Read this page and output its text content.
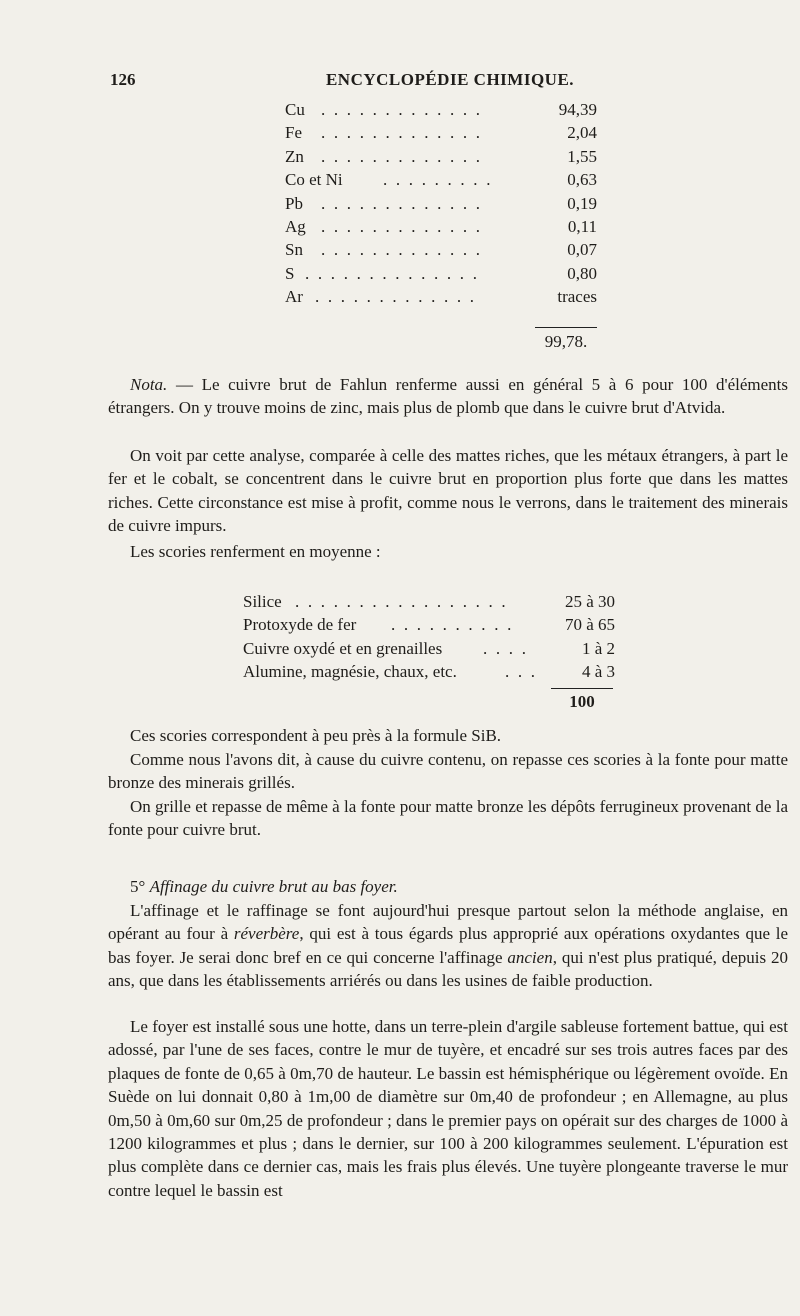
126	ENCYCLOPÉDIE CHIMIQUE.
Cu . . . . . . . . . . . . .	94,39
Fe . . . . . . . . . . . . .	2,04
Zn . . . . . . . . . . . . .	1,55
Co et Ni . . . . . . . . .	0,63
Pb . . . . . . . . . . . . .	0,19
Ag . . . . . . . . . . . . .	0,11
Sn . . . . . . . . . . . . .	0,07
S . . . . . . . . . . . . . .	0,80
Ar . . . . . . . . . . . . .	traces
99,78.

Nota. — Le cuivre brut de Fahlun renferme aussi en général 5 à 6 pour 100 d'éléments étrangers. On y trouve moins de zinc, mais plus de plomb que dans le cuivre brut d'Atvida.

On voit par cette analyse, comparée à celle des mattes riches, que les métaux étrangers, à part le fer et le cobalt, se concentrent dans le cuivre brut en proportion plus forte que dans les mattes riches. Cette circonstance est mise à profit, comme nous le verrons, dans le traitement des minerais de cuivre impurs.

Les scories renferment en moyenne :

Silice . . . . . . . . . . . . . . . . .	25 à 30
Protoxyde de fer . . . . . . . . . .	70 à 65
Cuivre oxydé et en grenailles . . . .	1 à 2
Alumine, magnésie, chaux, etc.	. . .	4 à 3
100

Ces scories correspondent à peu près à la formule SiB.

Comme nous l'avons dit, à cause du cuivre contenu, on repasse ces scories à la fonte pour matte bronze des minerais grillés.

On grille et repasse de même à la fonte pour matte bronze les dépôts ferrugineux provenant de la fonte pour cuivre brut.

5° Affinage du cuivre brut au bas foyer.

L'affinage et le raffinage se font aujourd'hui presque partout selon la méthode anglaise, en opérant au four à réverbère, qui est à tous égards plus approprié aux opérations oxydantes que le bas foyer. Je serai donc bref en ce qui concerne l'affinage ancien, qui n'est plus pratiqué, depuis 20 ans, que dans les établissements arriérés ou dans les usines de faible production.

Le foyer est installé sous une hotte, dans un terre-plein d'argile sableuse fortement battue, qui est adossé, par l'une de ses faces, contre le mur de tuyère, et encadré sur ses trois autres faces par des plaques de fonte de 0,65 à 0m,70 de hauteur. Le bassin est hémisphérique ou légèrement ovoïde. En Suède on lui donnait 0,80 à 1m,00 de diamètre sur 0m,40 de profondeur ; en Allemagne, au plus 0m,50 à 0m,60 sur 0m,25 de profondeur ; dans le premier pays on opérait sur des charges de 1000 à 1200 kilogrammes et plus ; dans le dernier, sur 100 à 200 kilogrammes seulement. L'épuration est plus complète dans ce dernier cas, mais les frais plus élevés. Une tuyère plongeante traverse le mur contre lequel le bassin est
